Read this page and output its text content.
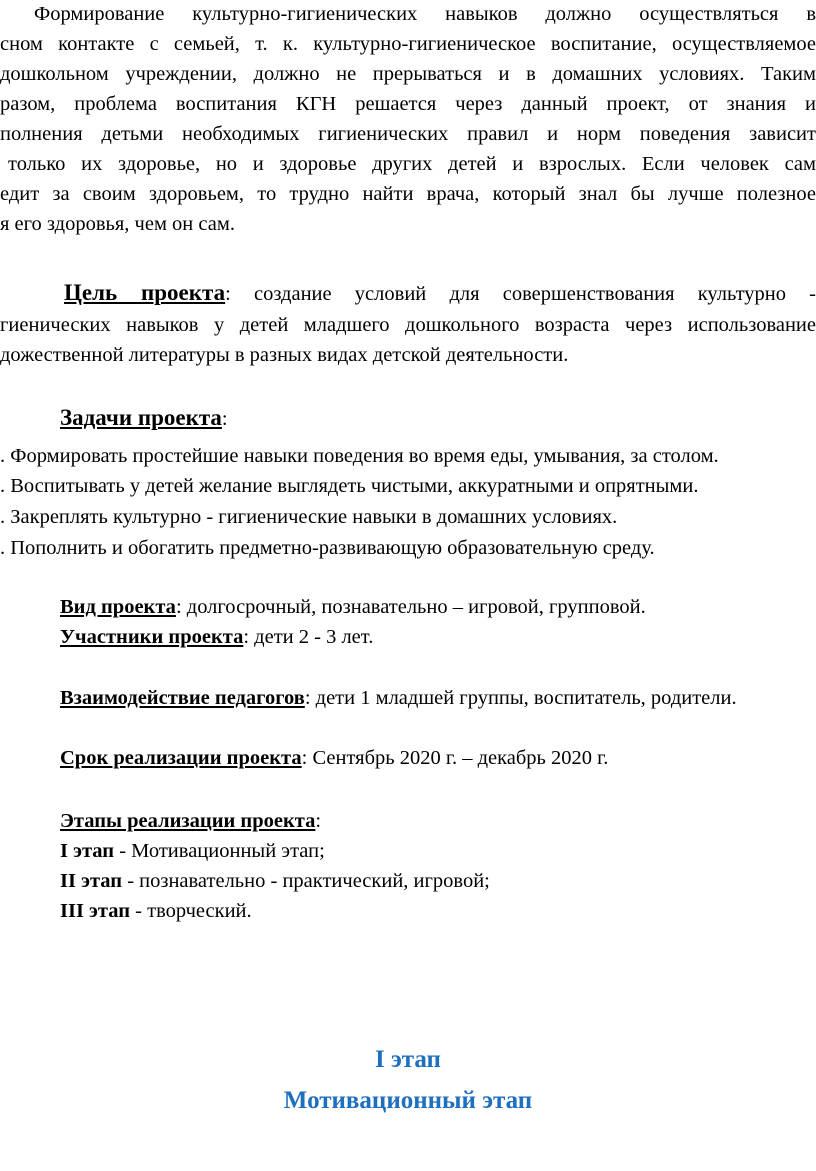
Формирование культурно-гигиенических навыков должно осуществляться в
сном контакте с семьей, т. к. культурно-гигиеническое воспитание, осуществляемое
дошкольном учреждении, должно не прерываться и в домашних условиях. Таким
разом, проблема воспитания КГН решается через данный проект, от знания и
полнения детьми необходимых гигиенических правил и норм поведения зависит
только их здоровье, но и здоровье других детей и взрослых. Если человек сам
едит за своим здоровьем, то трудно найти врача, который знал бы лучше полезное
я его здоровья, чем он сам.
Цель проекта: создание условий для совершенствования культурно -
гиенических навыков у детей младшего дошкольного возраста через использование
дожественной литературы в разных видах детской деятельности.
Задачи проекта:
. Формировать простейшие навыки поведения во время еды, умывания, за столом.
. Воспитывать у детей желание выглядеть чистыми, аккуратными и опрятными.
. Закреплять культурно - гигиенические навыки в домашних условиях.
. Пополнить и обогатить предметно-развивающую образовательную среду.
Вид проекта: долгосрочный, познавательно – игровой, групповой.
Участники проекта: дети 2 - 3 лет.
Взаимодействие педагогов: дети 1 младшей группы, воспитатель, родители.
Срок реализации проекта: Сентябрь 2020 г. – декабрь 2020 г.
Этапы реализации проекта:
I этап - Мотивационный этап;
II этап - познавательно - практический, игровой;
III этап - творческий.
I этап
Мотивационный этап
